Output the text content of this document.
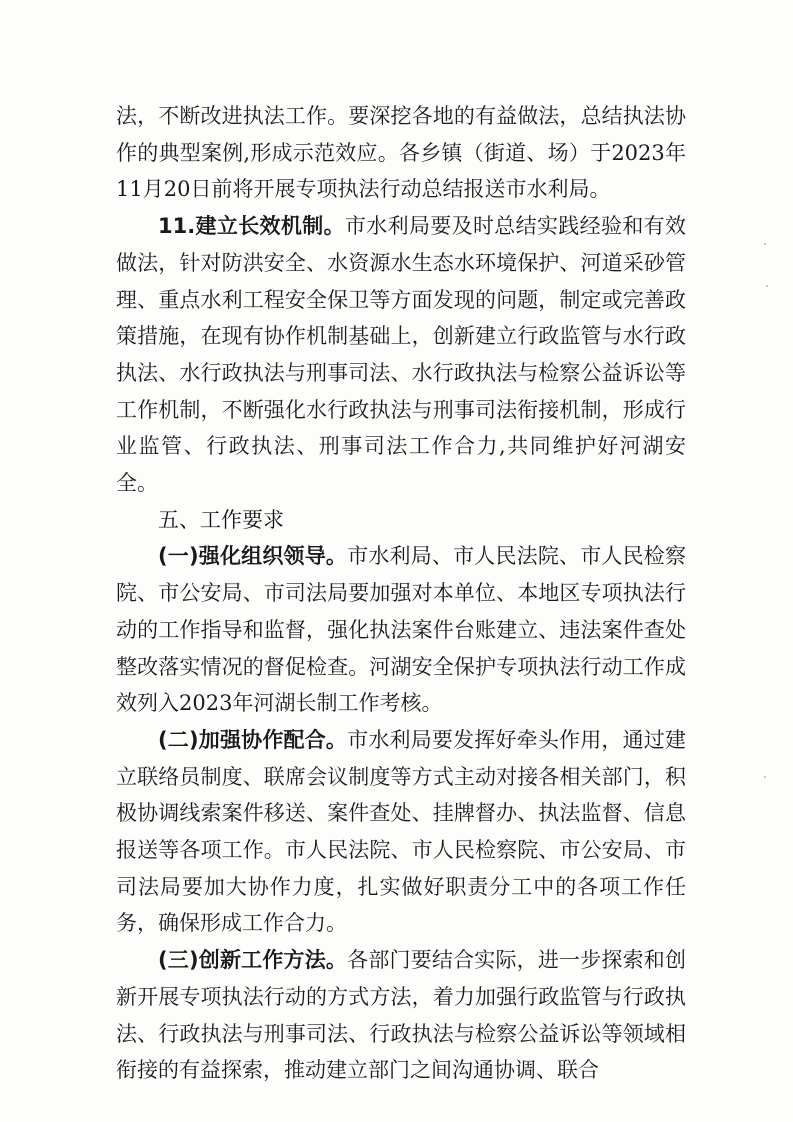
法，不断改进执法工作。要深挖各地的有益做法，总结执法协作的典型案例,形成示范效应。各乡镇（街道、场）于2023年11月20日前将开展专项执法行动总结报送市水利局。

11.建立长效机制。市水利局要及时总结实践经验和有效做法，针对防洪安全、水资源水生态水环境保护、河道采砂管理、重点水利工程安全保卫等方面发现的问题，制定或完善政策措施，在现有协作机制基础上，创新建立行政监管与水行政执法、水行政执法与刑事司法、水行政执法与检察公益诉讼等工作机制，不断强化水行政执法与刑事司法衔接机制，形成行业监管、行政执法、刑事司法工作合力,共同维护好河湖安全。

五、工作要求

(一)强化组织领导。市水利局、市人民法院、市人民检察院、市公安局、市司法局要加强对本单位、本地区专项执法行动的工作指导和监督，强化执法案件台账建立、违法案件查处整改落实情况的督促检查。河湖安全保护专项执法行动工作成效列入2023年河湖长制工作考核。

(二)加强协作配合。市水利局要发挥好牵头作用，通过建立联络员制度、联席会议制度等方式主动对接各相关部门，积极协调线索案件移送、案件查处、挂牌督办、执法监督、信息报送等各项工作。市人民法院、市人民检察院、市公安局、市司法局要加大协作力度，扎实做好职责分工中的各项工作任务，确保形成工作合力。

(三)创新工作方法。各部门要结合实际，进一步探索和创新开展专项执法行动的方式方法，着力加强行政监管与行政执法、行政执法与刑事司法、行政执法与检察公益诉讼等领域相衔接的有益探索，推动建立部门之间沟通协调、联合
